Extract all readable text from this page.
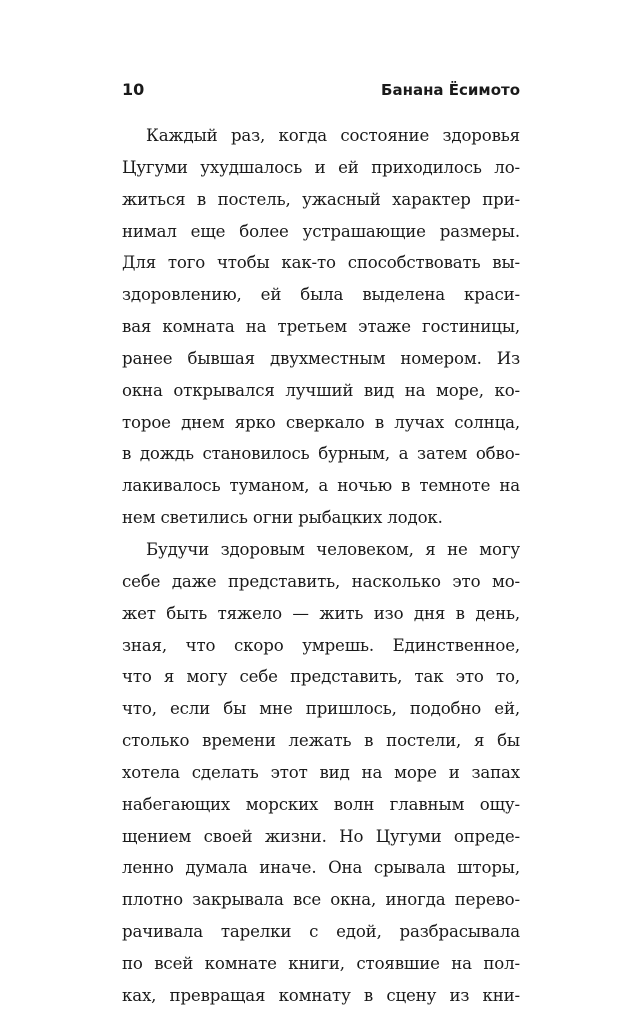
10	Банана Ёсимото
Каждый раз, когда состояние здоровья
Цугуми ухудшалось и ей приходилось ло-
житься в постель, ужасный характер при-
нимал еще более устрашающие размеры.
Для того чтобы как-то способствовать вы-
здоровлению, ей была выделена краси-
вая комната на третьем этаже гостиницы,
ранее бывшая двухместным номером. Из
окна открывался лучший вид на море, ко-
торое днем ярко сверкало в лучах солнца,
в дождь становилось бурным, а затем обво-
лакивалось туманом, а ночью в темноте на
нем светились огни рыбацких лодок.
Будучи здоровым человеком, я не могу
себе даже представить, насколько это мо-
жет быть тяжело — жить изо дня в день,
зная, что скоро умрешь. Единственное,
что я могу себе представить, так это то,
что, если бы мне пришлось, подобно ей,
столько времени лежать в постели, я бы
хотела сделать этот вид на море и запах
набегающих морских волн главным ощу-
щением своей жизни. Но Цугуми опреде-
ленно думала иначе. Она срывала шторы,
плотно закрывала все окна, иногда перево-
рачивала тарелки с едой, разбрасывала
по всей комнате книги, стоявшие на пол-
ках, превращая комнату в сцену из кни-
